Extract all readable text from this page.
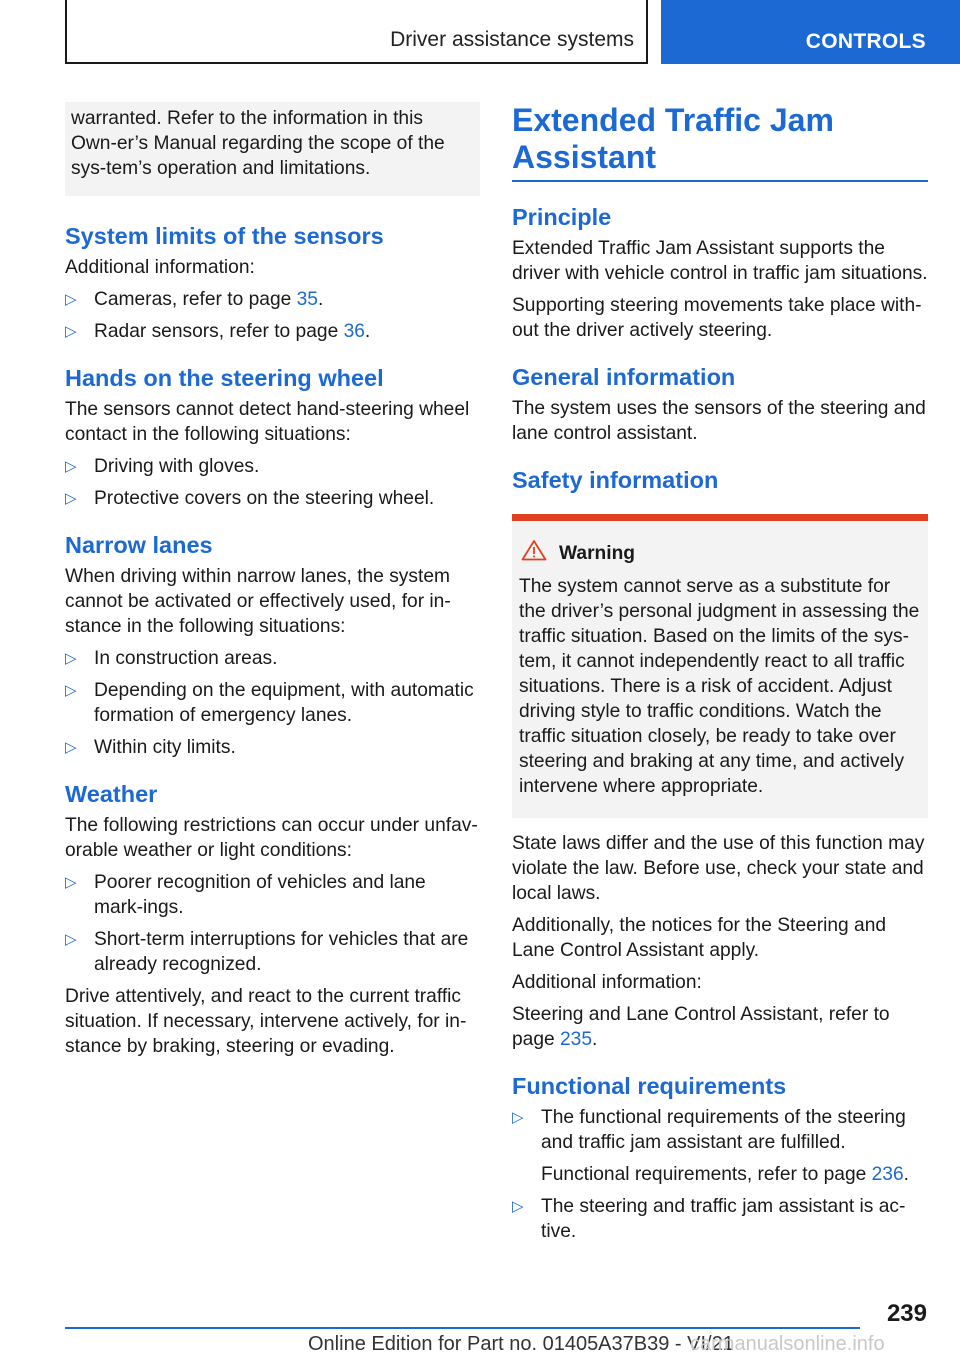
Driver assistance systems	CONTROLS

warranted. Refer to the information in this Own‐er’s Manual regarding the scope of the sys‐tem’s operation and limitations.

System limits of the sensors

Additional information:

▷ Cameras, refer to page 35.
▷ Radar sensors, refer to page 36.
Hands on the steering wheel

The sensors cannot detect hand-steering wheel contact in the following situations:

▷ Driving with gloves.
▷ Protective covers on the steering wheel.
Narrow lanes

When driving within narrow lanes, the system cannot be activated or effectively used, for in‐stance in the following situations:

▷ In construction areas.
▷ Depending on the equipment, with automatic formation of emergency lanes.
▷ Within city limits.
Weather

The following restrictions can occur under unfav‐orable weather or light conditions:

▷ Poorer recognition of vehicles and lane mark‐ings.
▷ Short-term interruptions for vehicles that are already recognized.

Drive attentively, and react to the current traffic situation. If necessary, intervene actively, for in‐stance by braking, steering or evading.

Extended Traffic Jam Assistant
Principle

Extended Traffic Jam Assistant supports the driver with vehicle control in traffic jam situations.

Supporting steering movements take place with‐out the driver actively steering.

General information

The system uses the sensors of the steering and lane control assistant.

Safety information
Warning

The system cannot serve as a substitute for the driver’s personal judgment in assessing the traffic situation. Based on the limits of the sys‐tem, it cannot independently react to all traffic situations. There is a risk of accident. Adjust driving style to traffic conditions. Watch the traffic situation closely, be ready to take over steering and braking at any time, and actively intervene where appropriate.

State laws differ and the use of this function may violate the law. Before use, check your state and local laws.

Additionally, the notices for the Steering and Lane Control Assistant apply.

Additional information:

Steering and Lane Control Assistant, refer to page 235.

Functional requirements
▷ The functional requirements of the steering and traffic jam assistant are fulfilled.
Functional requirements, refer to page 236.
▷ The steering and traffic jam assistant is ac‐tive.
239
Online Edition for Part no. 01405A37B39 - VI/21
carmanualsonline.info
